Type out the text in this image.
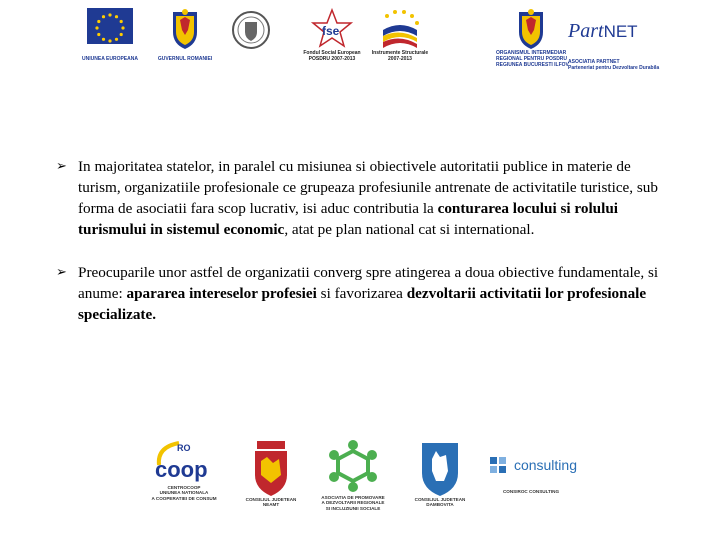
UNIUNEA EUROPEANA	GUVERNUL ROMANIEI
fse
Fondul Social European
POSDRU 2007-2013
Instrumente Structurale
2007-2013
ORGANISMUL INTERMEDIAR
REGIONAL PENTRU POSDRU
REGIUNEA BUCURESTI ILFOV
PartNET
ASOCIATIA PARTNET
Parteneriat pentru Dezvoltare Durabila
➢ In majoritatea statelor, in paralel cu misiunea si obiectivele autoritatii publice in materie de turism, organizatiile profesionale ce grupeaza profesiunile antrenate de activitatile turistice, sub forma de asociatii fara scop lucrativ, isi aduc contributia la conturarea locului si rolului turismului in sistemul economic, atat pe plan national cat si international.
➢ Preocuparile unor astfel de organizatii converg spre atingerea a doua obiective fundamentale, si anume: apararea intereselor profesiei si favorizarea dezvoltarii activitatii lor profesionale specializate.
RO
coop
CENTROCOOP
UNIUNEA NATIONALA
A COOPERATIEI DE CONSUM	CONSILIUL JUDETEAN
NEAMT
ASOCIATIA DE PROMOVARE
A DEZVOLTARII REGIONALE
SI INCLUZIUNII SOCIALE
CONSILIUL JUDETEAN
DAMBOVITA
consulting
CONSIROC CONSULTING
